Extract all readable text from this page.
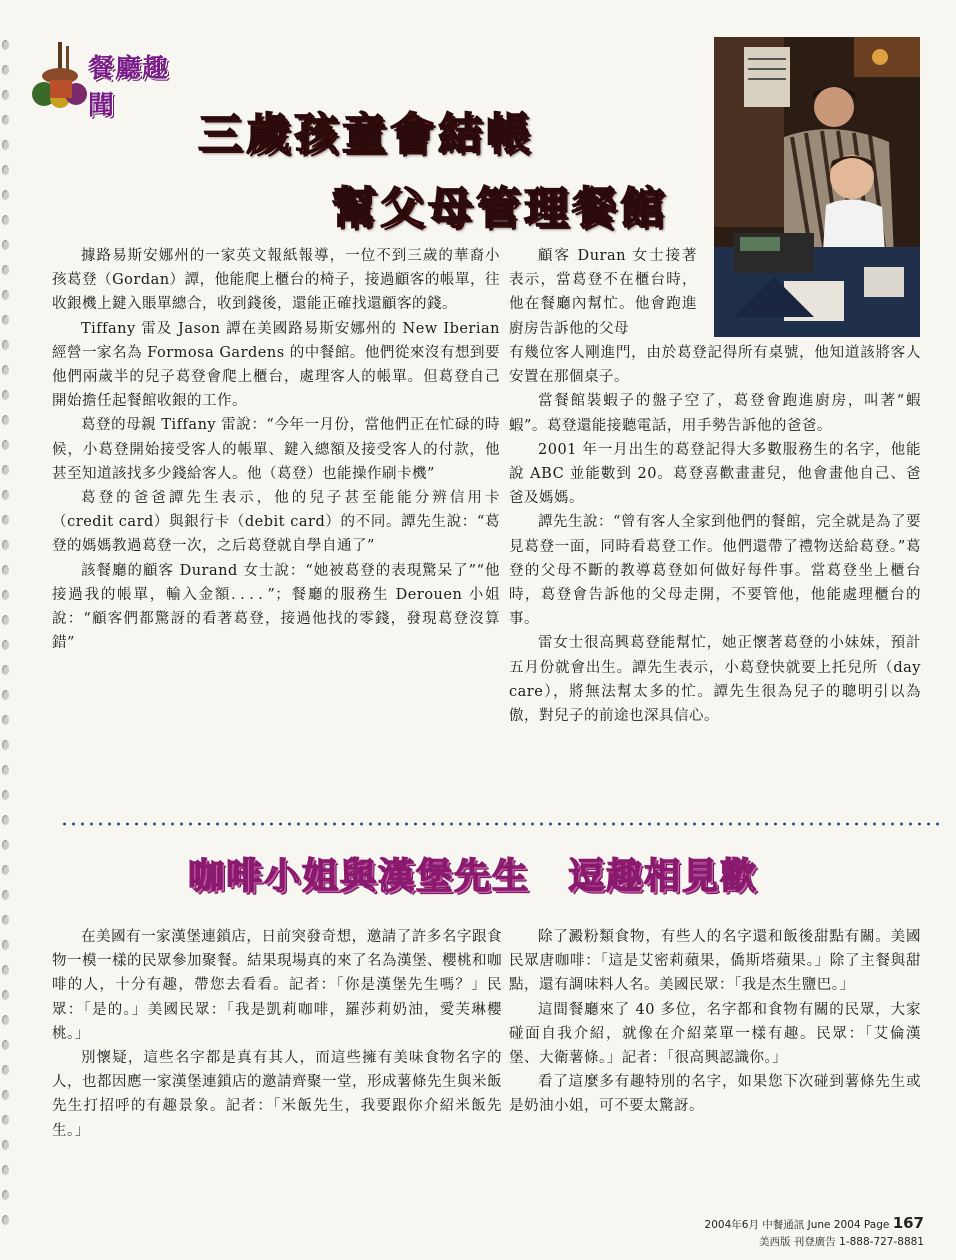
餐廳趣聞
三歲孩童會結帳
幫父母管理餐館

據路易斯安娜州的一家英文報紙報導，一位不到三歲的華裔小孩葛登（Gordan）譚，他能爬上櫃台的椅子，接過顧客的帳單，往收銀機上鍵入賬單總合，收到錢後，還能正確找還顧客的錢。

Tiffany 雷及 Jason 譚在美國路易斯安娜州的 New Iberian 經營一家名為 Formosa Gardens 的中餐館。他們從來沒有想到要他們兩歲半的兒子葛登會爬上櫃台，處理客人的帳單。但葛登自己開始擔任起餐館收銀的工作。

葛登的母親 Tiffany 雷說：“今年一月份，當他們正在忙碌的時候，小葛登開始接受客人的帳單、鍵入總額及接受客人的付款，他甚至知道該找多少錢給客人。他（葛登）也能操作刷卡機”

葛登的爸爸譚先生表示，他的兒子甚至能能分辨信用卡（credit card）與銀行卡（debit card）的不同。譚先生說：“葛登的媽媽教過葛登一次，之后葛登就自學自通了”

該餐廳的顧客 Durand 女士說：“她被葛登的表現驚呆了”“他接過我的帳單，輸入金額．．．．”；餐廳的服務生 Derouen 小姐說：“顧客們都驚訝的看著葛登，接過他找的零錢，發現葛登沒算錯”

顧客 Duran 女士接著表示，當葛登不在櫃台時，他在餐廳內幫忙。他會跑進廚房告訴他的父母

有幾位客人剛進門，由於葛登記得所有桌號，他知道該將客人安置在那個桌子。

當餐館裝蝦子的盤子空了，葛登會跑進廚房，叫著“蝦蝦”。葛登還能接聽電話，用手勢告訴他的爸爸。

2001 年一月出生的葛登記得大多數服務生的名字，他能說 ABC 並能數到 20。葛登喜歡畫畫兒，他會畫他自己、爸爸及媽媽。

譚先生說：“曾有客人全家到他們的餐館，完全就是為了要見葛登一面，同時看葛登工作。他們還帶了禮物送給葛登。”葛登的父母不斷的教導葛登如何做好每件事。當葛登坐上櫃台時，葛登會告訴他的父母走開，不要管他，他能處理櫃台的事。

雷女士很高興葛登能幫忙，她正懷著葛登的小妹妹，預計五月份就會出生。譚先生表示，小葛登快就要上托兒所（day care），將無法幫太多的忙。譚先生很為兒子的聰明引以為傲，對兒子的前途也深具信心。

咖啡小姐與漢堡先生　逗趣相見歡

在美國有一家漢堡連鎖店，日前突發奇想，邀請了許多名字跟食物一模一樣的民眾參加聚餐。結果現場真的來了名為漢堡、櫻桃和咖啡的人，十分有趣，帶您去看看。記者：「你是漢堡先生嗎？」民眾：「是的。」美國民眾：「我是凱莉咖啡，羅莎莉奶油，愛芙琳櫻桃。」

別懷疑，這些名字都是真有其人，而這些擁有美味食物名字的人，也都因應一家漢堡連鎖店的邀請齊聚一堂，形成薯條先生與米飯先生打招呼的有趣景象。記者：「米飯先生，我要跟你介紹米飯先生。」

除了澱粉類食物，有些人的名字還和飯後甜點有關。美國民眾唐咖啡：「這是艾密莉蘋果，僑斯塔蘋果。」除了主餐與甜點，還有調味料人名。美國民眾：「我是杰生鹽巴。」

這間餐廳來了 40 多位，名字都和食物有關的民眾，大家碰面自我介紹，就像在介紹菜單一樣有趣。民眾：「艾倫漢堡、大衛薯條。」記者：「很高興認識你。」

看了這麼多有趣特別的名字，如果您下次碰到薯條先生或是奶油小姐，可不要太驚訝。

2004年6月 中餐通訊 June 2004 Page 167
美西版 刊登廣告 1-888-727-8881
